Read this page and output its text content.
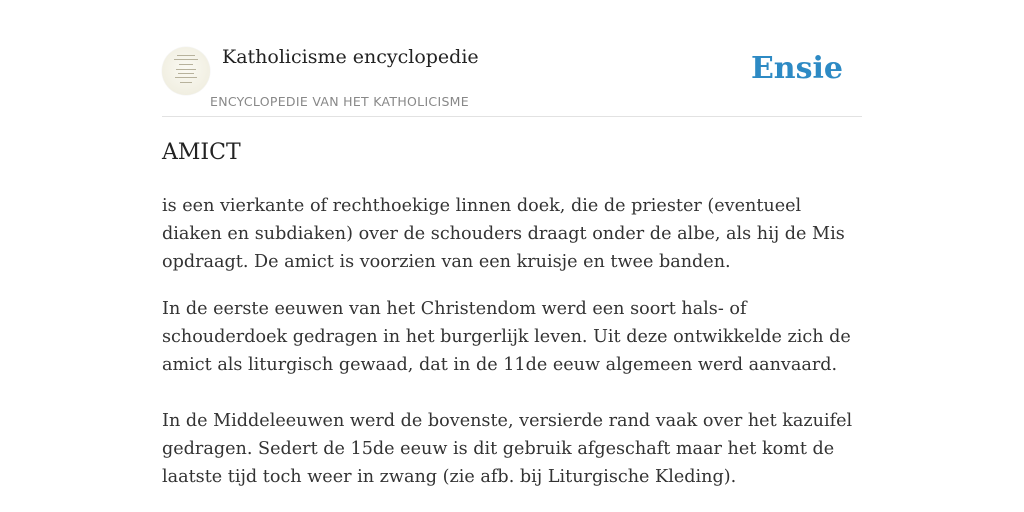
Katholicisme encyclopedie
ENCYCLOPEDIE VAN HET KATHOLICISME
Ensie
AMICT

is een vierkante of rechthoekige linnen doek, die de priester (eventueel diaken en subdiaken) over de schouders draagt onder de albe, als hij de Mis opdraagt. De amict is voorzien van een kruisje en twee banden.

In de eerste eeuwen van het Christendom werd een soort hals- of schouderdoek gedragen in het burgerlijk leven. Uit deze ontwikkelde zich de amict als liturgisch gewaad, dat in de 11de eeuw algemeen werd aanvaard.

In de Middeleeuwen werd de bovenste, versierde rand vaak over het kazuifel gedragen. Sedert de 15de eeuw is dit gebruik afgeschaft maar het komt de laatste tijd toch weer in zwang (zie afb. bij Liturgische Kleding).
